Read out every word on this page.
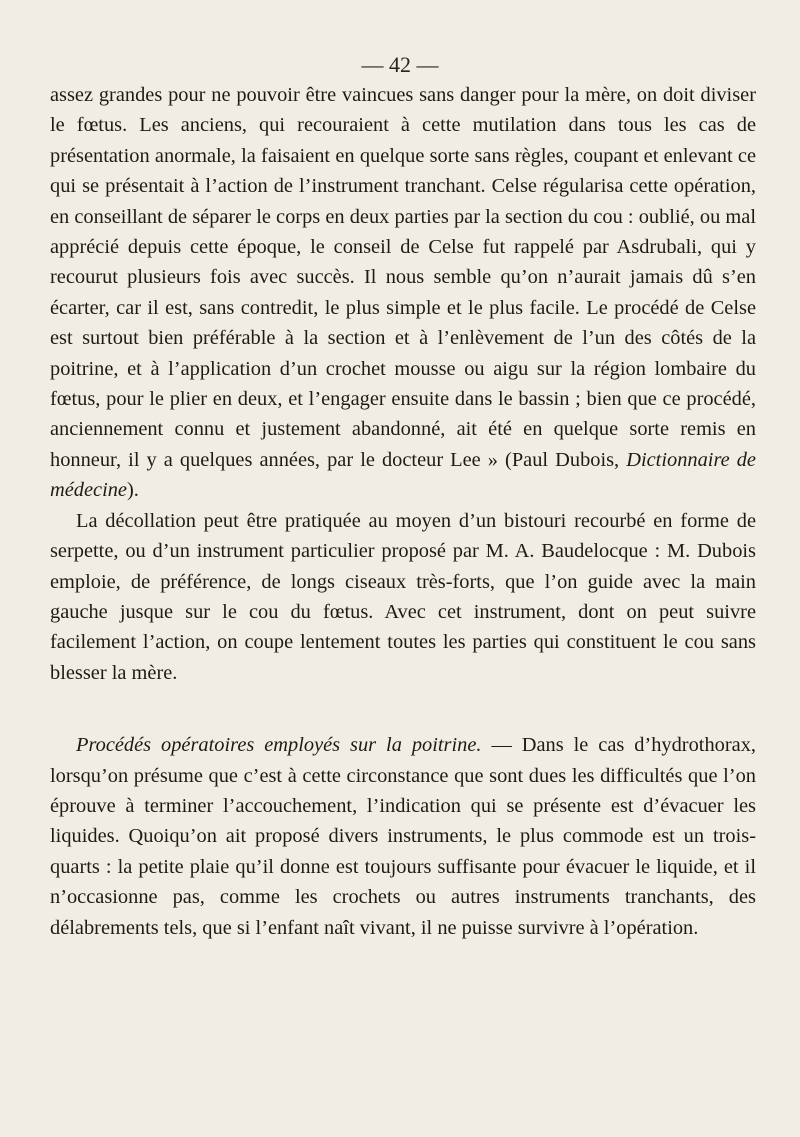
— 42 —

assez grandes pour ne pouvoir être vaincues sans danger pour la mère, on doit diviser le fœtus. Les anciens, qui recouraient à cette mutilation dans tous les cas de présentation anormale, la faisaient en quelque sorte sans règles, coupant et enlevant ce qui se présentait à l’action de l’instrument tranchant. Celse régularisa cette opération, en conseillant de séparer le corps en deux parties par la section du cou : oublié, ou mal apprécié depuis cette époque, le conseil de Celse fut rappelé par Asdrubali, qui y recourut plusieurs fois avec succès. Il nous semble qu’on n’aurait jamais dû s’en écarter, car il est, sans contredit, le plus simple et le plus facile. Le procédé de Celse est surtout bien préférable à la section et à l’enlèvement de l’un des côtés de la poitrine, et à l’application d’un crochet mousse ou aigu sur la région lombaire du fœtus, pour le plier en deux, et l’engager ensuite dans le bassin ; bien que ce procédé, anciennement connu et justement abandonné, ait été en quelque sorte remis en honneur, il y a quelques années, par le docteur Lee » (Paul Dubois, Dictionnaire de médecine).

La décollation peut être pratiquée au moyen d’un bistouri recourbé en forme de serpette, ou d’un instrument particulier proposé par M. A. Baudelocque : M. Dubois emploie, de préférence, de longs ciseaux très-forts, que l’on guide avec la main gauche jusque sur le cou du fœtus. Avec cet instrument, dont on peut suivre facilement l’action, on coupe lentement toutes les parties qui constituent le cou sans blesser la mère.

Procédés opératoires employés sur la poitrine. — Dans le cas d’hydrothorax, lorsqu’on présume que c’est à cette circonstance que sont dues les difficultés que l’on éprouve à terminer l’accouchement, l’indication qui se présente est d’évacuer les liquides. Quoiqu’on ait proposé divers instruments, le plus commode est un trois-quarts : la petite plaie qu’il donne est toujours suffisante pour évacuer le liquide, et il n’occasionne pas, comme les crochets ou autres instruments tranchants, des délabrements tels, que si l’enfant naît vivant, il ne puisse survivre à l’opération.
